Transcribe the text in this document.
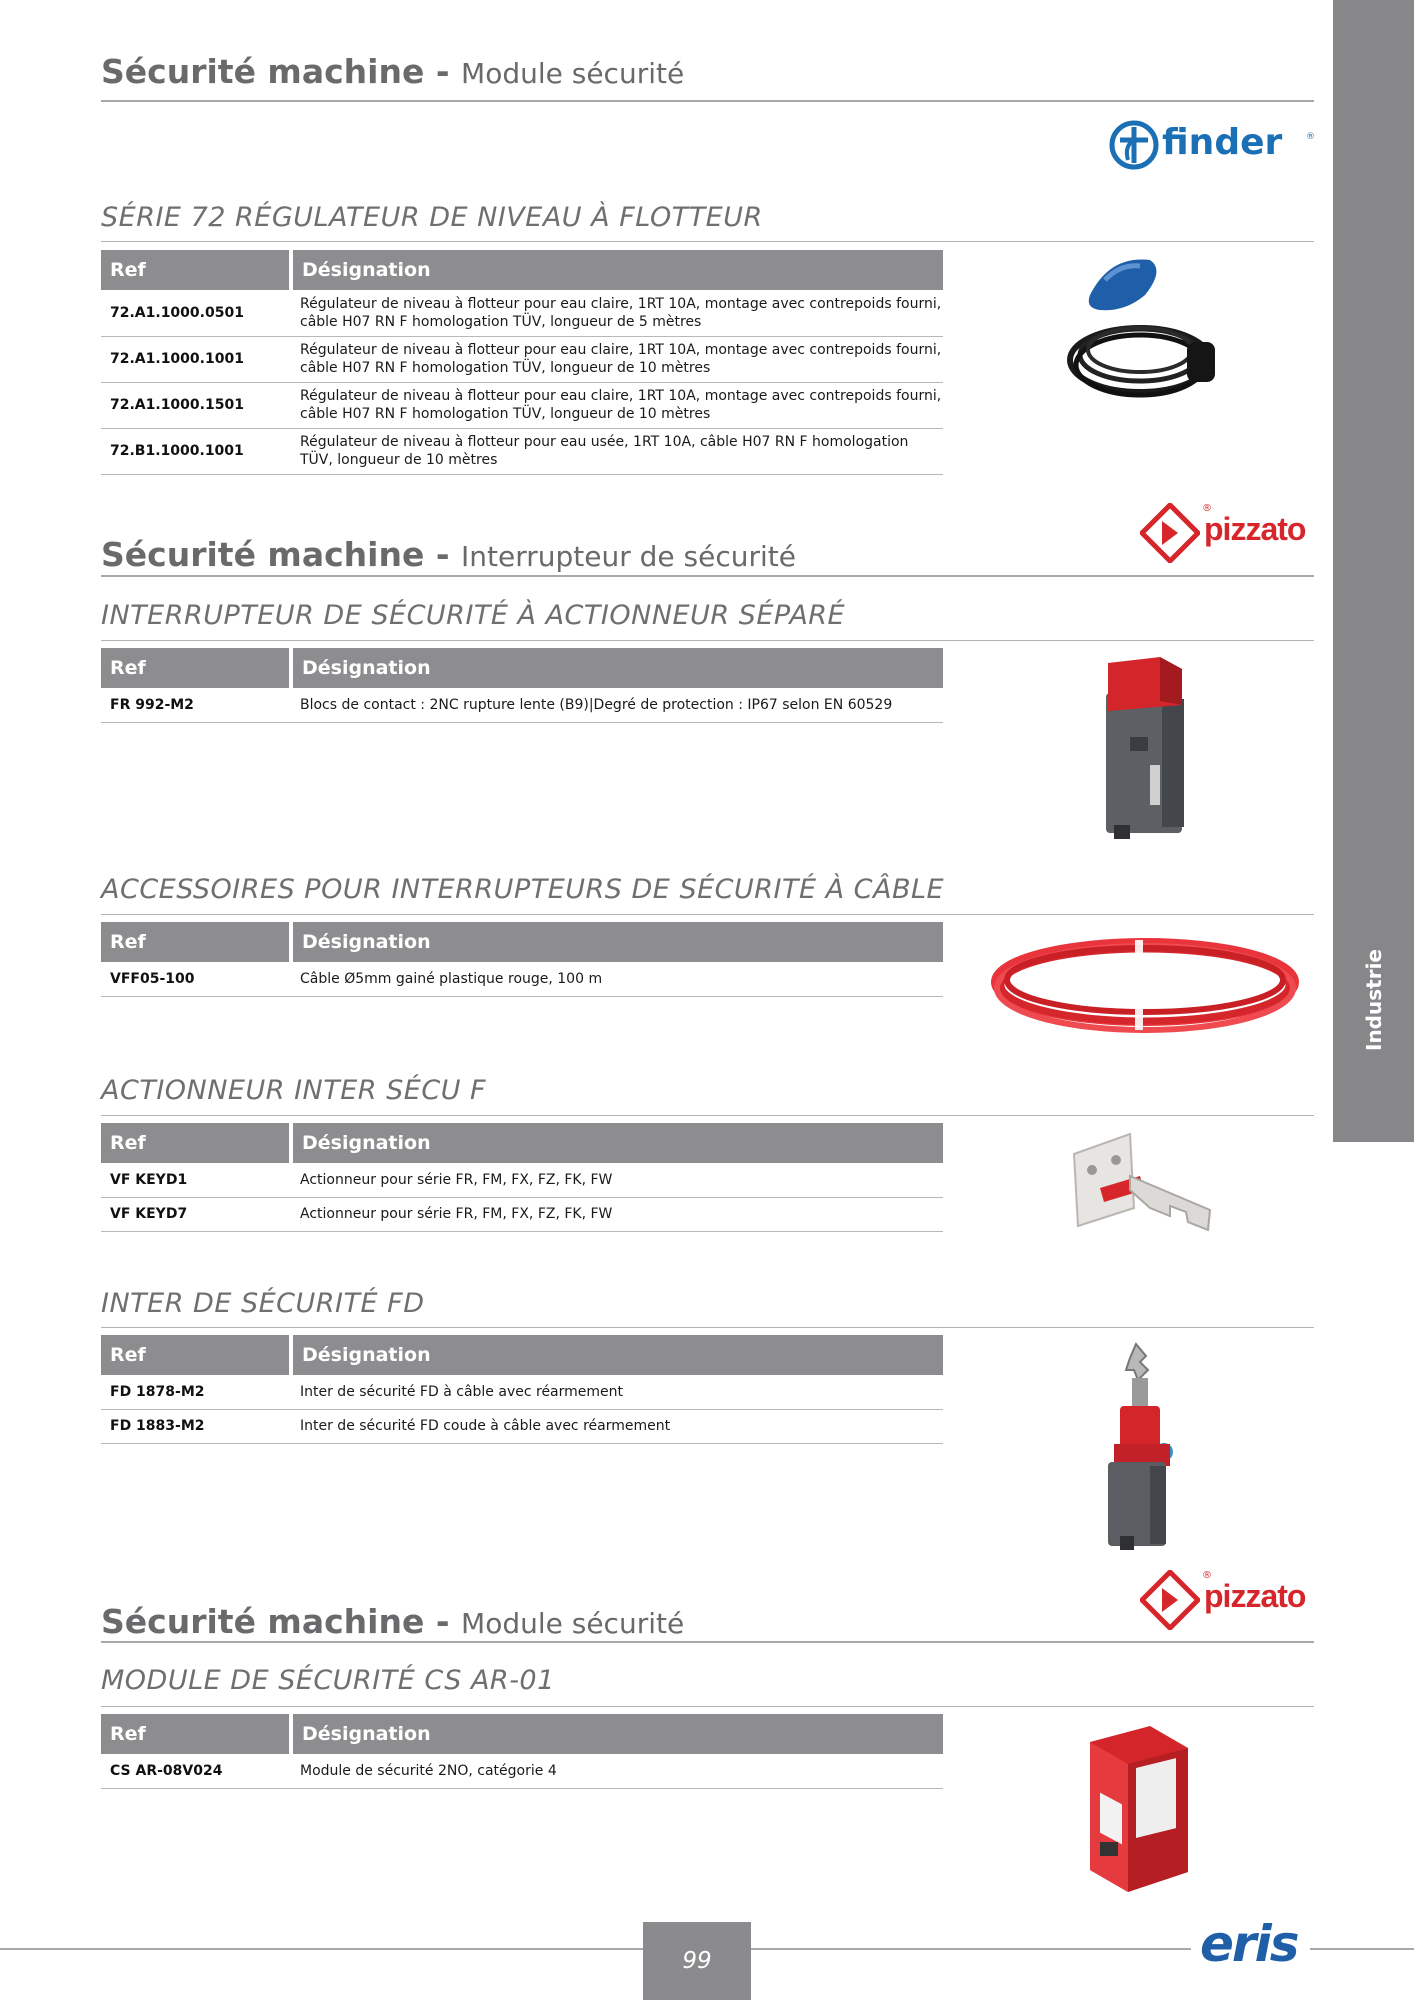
Industrie
Sécurité machine - Module sécurité
finder	®
SÉRIE 72 RÉGULATEUR DE NIVEAU À FLOTTEUR
Ref	Désignation
72.A1.1000.0501	Régulateur de niveau à flotteur pour eau claire, 1RT 10A, montage avec contrepoids fourni, câble H07 RN F homologation TÜV, longueur de 5 mètres
72.A1.1000.1001	Régulateur de niveau à flotteur pour eau claire, 1RT 10A, montage avec contrepoids fourni, câble H07 RN F homologation TÜV, longueur de 10 mètres
72.A1.1000.1501	Régulateur de niveau à flotteur pour eau claire, 1RT 10A, montage avec contrepoids fourni, câble H07 RN F homologation TÜV, longueur de 10 mètres
72.B1.1000.1001	Régulateur de niveau à flotteur pour eau usée, 1RT 10A, câble H07 RN F homologation TÜV, longueur de 10 mètres
pizzato
®
Sécurité machine - Interrupteur de sécurité
INTERRUPTEUR DE SÉCURITÉ À ACTIONNEUR SÉPARÉ
Ref	Désignation
FR 992-M2	Blocs de contact : 2NC rupture lente (B9)|Degré de protection : IP67 selon EN 60529
ACCESSOIRES POUR INTERRUPTEURS DE SÉCURITÉ À CÂBLE
Ref	Désignation
VFF05-100	Câble Ø5mm gainé plastique rouge, 100 m
ACTIONNEUR INTER SÉCU F
Ref	Désignation
VF KEYD1	Actionneur pour série FR, FM, FX, FZ, FK, FW
VF KEYD7	Actionneur pour série FR, FM, FX, FZ, FK, FW
INTER DE SÉCURITÉ FD
Ref	Désignation
FD 1878-M2	Inter de sécurité FD à câble avec réarmement
FD 1883-M2	Inter de sécurité FD coude à câble avec réarmement
pizzato
®
Sécurité machine - Module sécurité
MODULE DE SÉCURITÉ CS AR-01
Ref	Désignation
CS AR-08V024	Module de sécurité 2NO, catégorie 4
99	eris
